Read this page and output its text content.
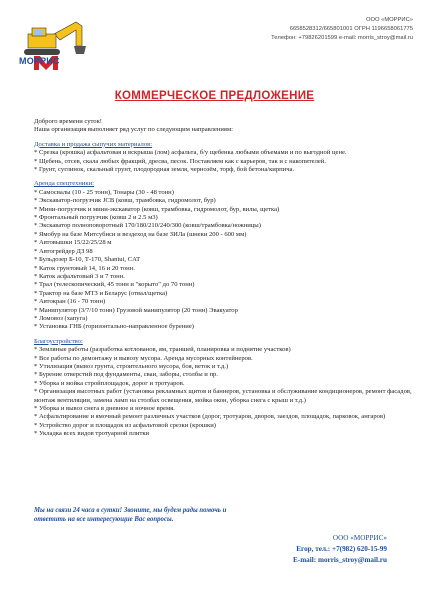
МОРРИС
ООО «МОРРИС»
6658528312/665801001 ОГРН 1196658061775
Телефон: +79826201599 e-mail: morris_stroy@mail.ru
КОММЕРЧЕСКОЕ ПРЕДЛОЖЕНИЕ

Доброго времени суток!

Наша организация выполняет ряд услуг по следующим направлениям:

Доставка и продажа сыпучих материалов:

* Срезка (крошка) асфальтовая и вскрыша (лом) асфальта, б/у щебенка любыми объемами и по выгодной цене.

* Щебень, отсев, скала любых фракций, дресва, песок. Поставляем как с карьеров, так и с накопителей.

* Грунт, суглинок, скальный грунт, плодородная земля, чернозём, торф, бой бетона/кирпича.

Аренда спецтехники:

* Самосвалы (10 - 25 тонн), Тонары (30 - 48 тонн)

* Экскаватор-погрузчик JCB (ковш, трамбовка, гидромолот, бур)

* Мини-погрузчик и мини-экскаватор (ковш, трамбовка, гидромолот, бур, вилы, щетка)

* Фронтальный погрузчик (ковш 2 и 2.5 м3)

* Экскаватор полноповоротный 170/180/210/240/300 (ковш/трамбовка/ножницы)

* Ямобур на базе Митсубиси и вездеход на базе ЗИЛа (шнеки 200 - 600 мм)

* Автовышки 15/22/25/28 м

* Автогрейдер ДЗ 98

* Бульдозер Б-10, Т-170, Shantui, CAT

* Каток грунтовый 14, 16 и 20 тонн.

* Каток асфальтовый 3 и 7 тонн.

* Трал (телескопический, 45 тонн и "корыто" до 70 тонн)

* Трактор на базе МТЗ и Беларус (отвал/щетка)

* Автокран (16 - 70 тонн)

* Манипулятор (3/7/10 тонн) Грузовой манипулятор (20 тонн) Эвакуатор

* Ломовоз (хапуга)

* Установка ГНБ (горизонтально-направленное бурение)

Благоустройство:

* Земляные работы (разработка котлованов, ям, траншей, планировка и поднятие участков)

* Все работы по демонтажу и вывозу мусора. Аренда мусорных контейнеров.

* Утилизация (вывоз грунта, строительного мусора, боя, веток и т.д.)

* Бурение отверстий под фундаменты, сваи, заборы, столбы и пр.

* Уборка и мойка стройплощадок, дорог и тротуаров.

* Организация высотных работ (установка рекламных щитов и баннеров, установка и обслуживание кондиционеров, ремонт фасадов, монтаж вентиляции, замена ламп на столбах освещения, мойка окон, уборка снега с крыш и т.д.)

* Уборка и вывоз снега в дневное и ночное время.

* Асфальтирование и ямочный ремонт различных участков (дорог, тротуаров, дворов, заездов, площадок, парковок, ангаров)

* Устройство дорог и площадок из асфальтовой срезки (крошки)

* Укладка всех видов тротуарной плитки

Мы на связи 24 часа в сутки! Звоните, мы будем рады помочь и ответить на все интересующие Вас вопросы.
ООО «МОРРИС»
Егор, тел.: +7(982) 620-15-99
E-mail: morris_stroy@mail.ru
